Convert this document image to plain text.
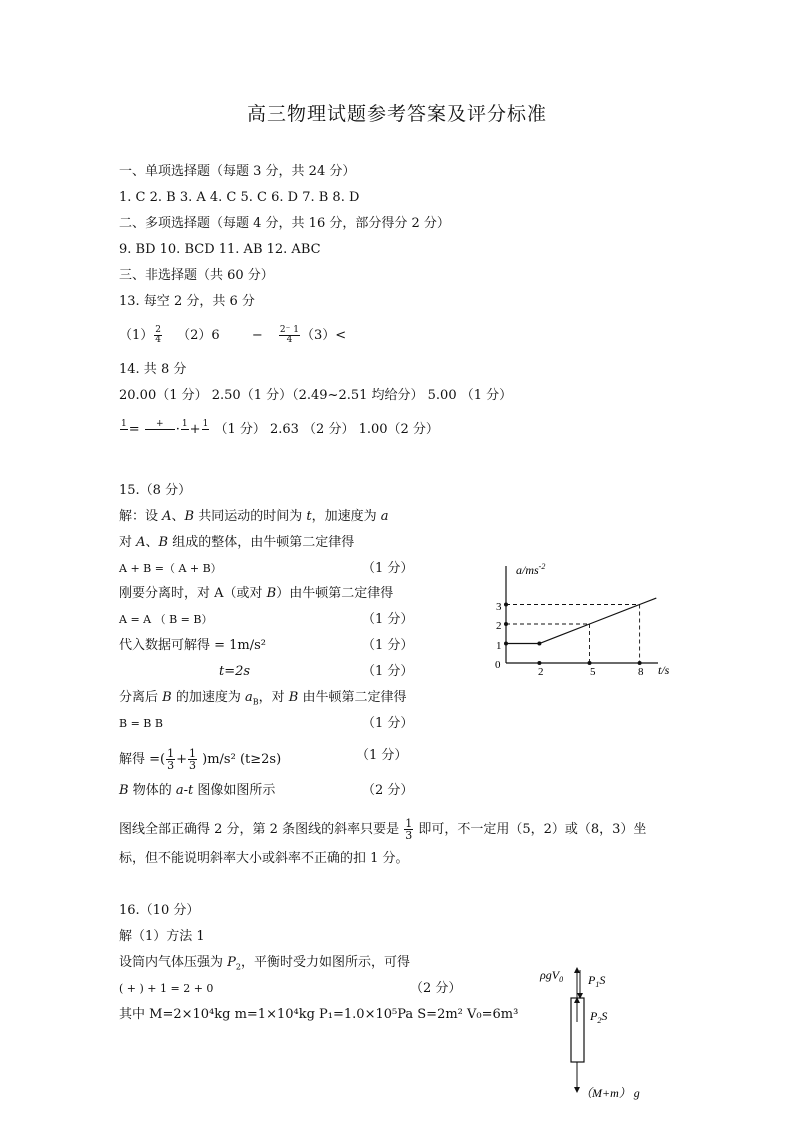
高三物理试题参考答案及评分标准
一、单项选择题（每题 3 分，共 24 分）
1. C 2. B 3. A 4. C 5. C 6. D 7. B 8. D
二、多项选择题（每题 4 分，共 16 分，部分得分 2 分）
9. BD 10. BCD 11. AB 12. ABC
三、非选择题（共 60 分）
13. 每空 2 分，共 6 分
$(1) \frac{2}{4} (2)6 - \frac{2^- 1}{4} (3)<$
14. 共 8 分
20.00（1 分） 2.50（1 分）（2.49~2.51 均给分） 5.00 （1 分）
1
=	+
· 1
+ 1
（1 分） 2.63 （2 分） 1.00（2 分）
15.（8 分）
解：设 A、B 共同运动的时间为 t，加速度为 a
对 A、B 组成的整体，由牛顿第二定律得
A + B =（ A + B）	（1 分）
刚要分离时，对 A（或对 B）由牛顿第二定律得
A = A （ B = B）	（1 分）
代入数据可解得 = 1m/s²	（1 分）
t=2s	（1 分）
分离后 B 的加速度为 $a_B$，对 B 由牛顿第二定律得
B = B B	（1 分）
解得 =( $\frac{1}{3} + \frac{1}{3} )m/s^2$ (t≥2s)	（1 分）
B 物体的 a-t 图像如图所示	（2 分）
图线全部正确得 2 分，第 2 条图线的斜率只要是 $\frac{1}{3}$ 即可，不一定用（5，2）或（8，3）坐
标，但不能说明斜率大小或斜率不正确的扣 1 分。
$a/ms^{-2}$
t/s
0
3
2
1
2	5	8
16.（10 分）
解（1）方法 1
设筒内气体压强为 $P_2$，平衡时受力如图所示，可得
( + ) + 1 = 2 + 0	（2 分）
其中 M=2×10⁴kg m=1×10⁴kg P₁=1.0×10⁵Pa S=2m² V₀=6m³
ρgV$_0$ $P_1S$
$P_2S$
（M+m） g
